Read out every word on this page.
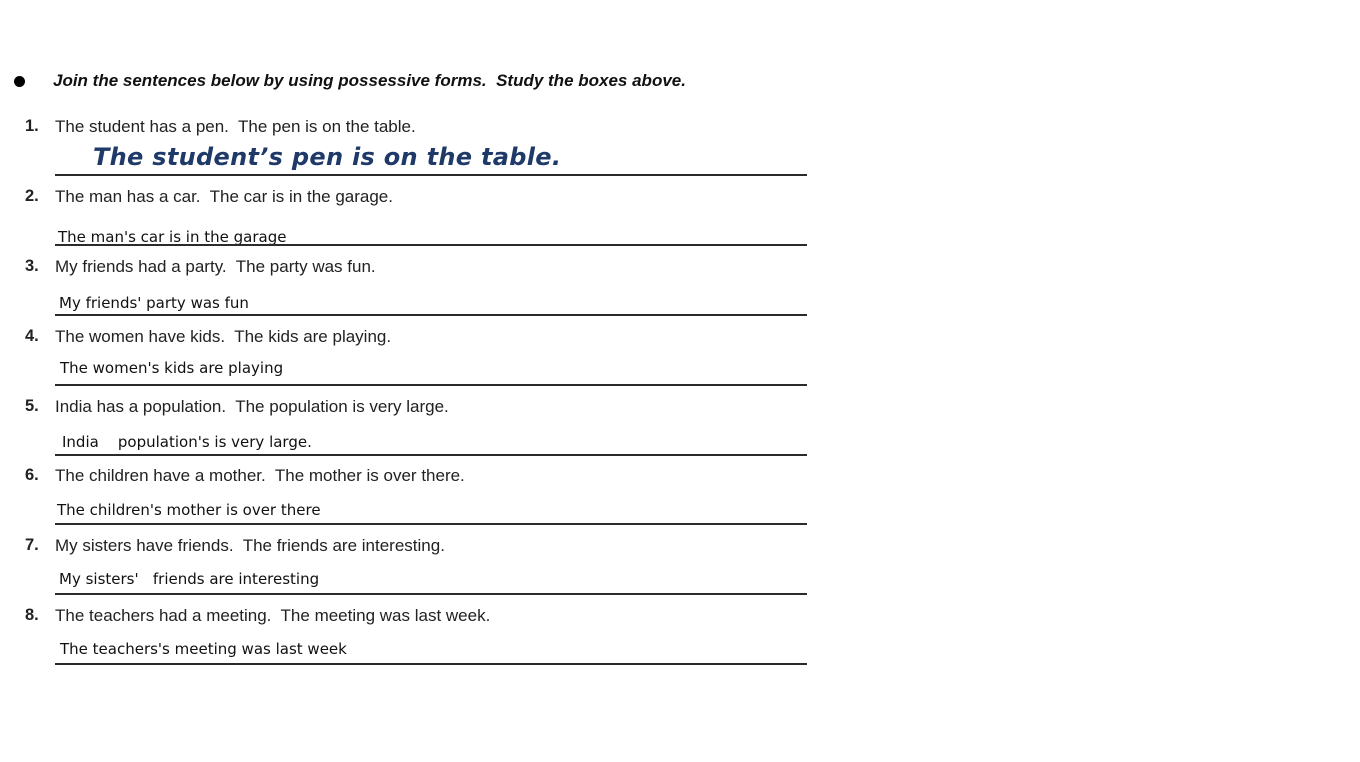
Join the sentences below by using possessive forms.  Study the boxes above.
1. The student has a pen.  The pen is on the table.
The student’s pen is on the table.
2. The man has a car.  The car is in the garage.
The man's car is in the garage
3. My friends had a party.  The party was fun.
My friends' party was fun
4. The women have kids.  The kids are playing.
The women's kids are playing
5. India has a population.  The population is very large.
India    population's is very large.
6. The children have a mother.  The mother is over there.
The children's mother is over there
7. My sisters have friends.  The friends are interesting.
My sisters'   friends are interesting
8. The teachers had a meeting.  The meeting was last week.
The teachers's meeting was last week
